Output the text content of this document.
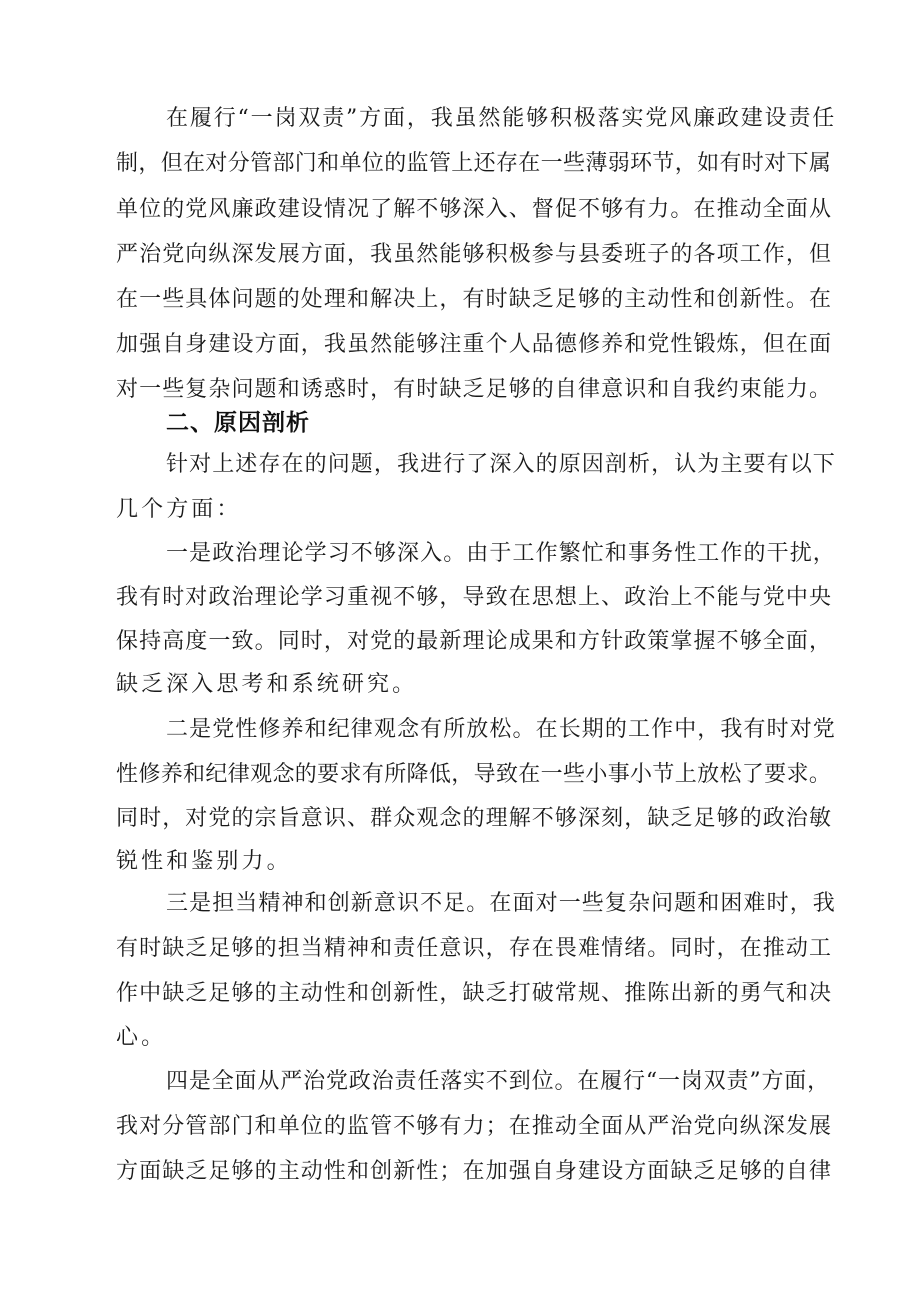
在履行“一岗双责”方面，我虽然能够积极落实党风廉政建设责任
制，但在对分管部门和单位的监管上还存在一些薄弱环节，如有时对下属
单位的党风廉政建设情况了解不够深入、督促不够有力。在推动全面从
严治党向纵深发展方面，我虽然能够积极参与县委班子的各项工作，但
在一些具体问题的处理和解决上，有时缺乏足够的主动性和创新性。在
加强自身建设方面，我虽然能够注重个人品德修养和党性锻炼，但在面
对一些复杂问题和诱惑时，有时缺乏足够的自律意识和自我约束能力。
二、原因剖析
针对上述存在的问题，我进行了深入的原因剖析，认为主要有以下
几个方面：
一是政治理论学习不够深入。由于工作繁忙和事务性工作的干扰，
我有时对政治理论学习重视不够，导致在思想上、政治上不能与党中央
保持高度一致。同时，对党的最新理论成果和方针政策掌握不够全面，
缺乏深入思考和系统研究。
二是党性修养和纪律观念有所放松。在长期的工作中，我有时对党
性修养和纪律观念的要求有所降低，导致在一些小事小节上放松了要求。
同时，对党的宗旨意识、群众观念的理解不够深刻，缺乏足够的政治敏
锐性和鉴别力。
三是担当精神和创新意识不足。在面对一些复杂问题和困难时，我
有时缺乏足够的担当精神和责任意识，存在畏难情绪。同时，在推动工
作中缺乏足够的主动性和创新性，缺乏打破常规、推陈出新的勇气和决
心。
四是全面从严治党政治责任落实不到位。在履行“一岗双责”方面，
我对分管部门和单位的监管不够有力；在推动全面从严治党向纵深发展
方面缺乏足够的主动性和创新性；在加强自身建设方面缺乏足够的自律
